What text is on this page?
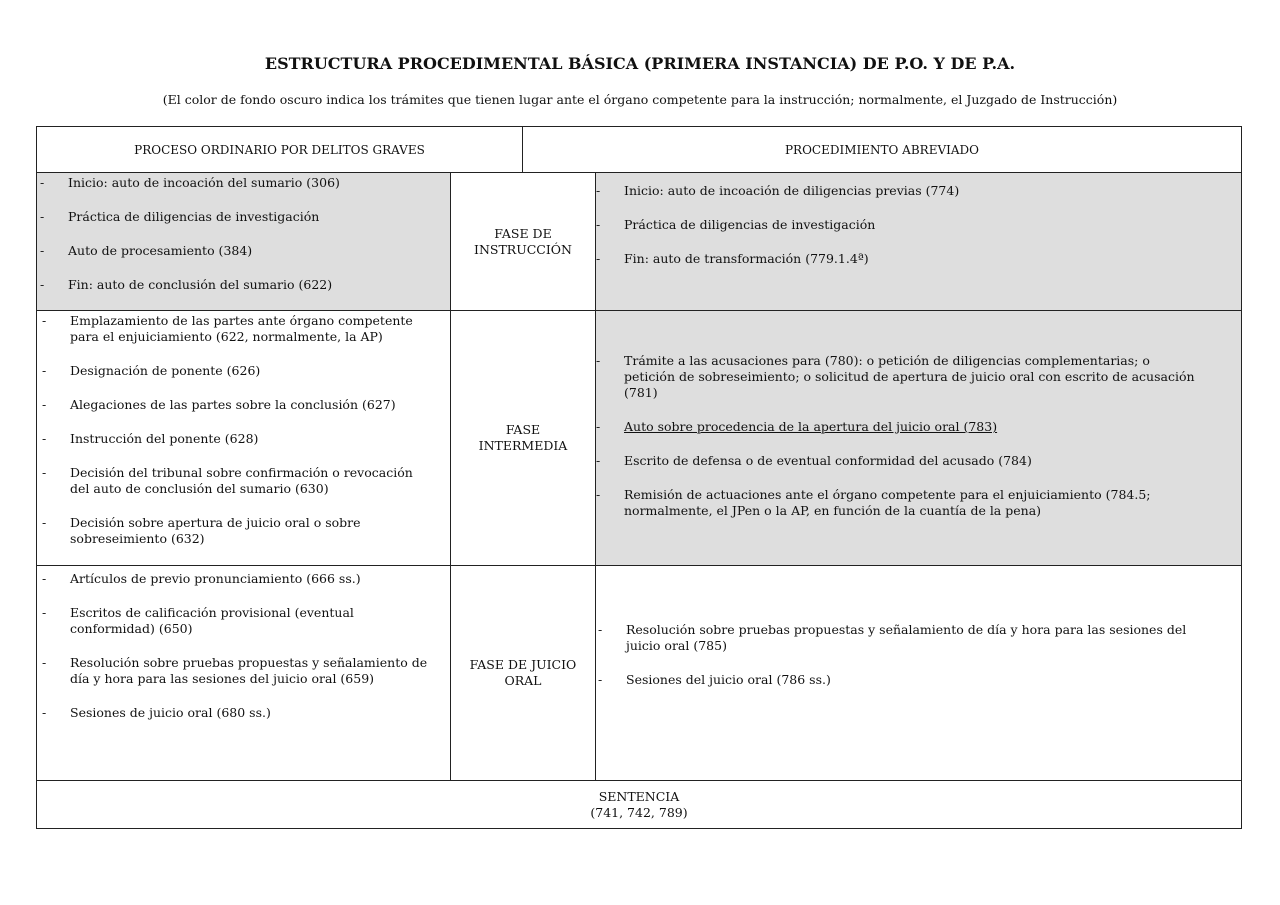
ESTRUCTURA PROCEDIMENTAL BÁSICA (PRIMERA INSTANCIA) DE P.O. Y DE P.A.
(El color de fondo oscuro indica los trámites que tienen lugar ante el órgano competente para la instrucción; normalmente, el Juzgado de Instrucción)
PROCESO ORDINARIO POR DELITOS GRAVES	PROCEDIMIENTO ABREVIADO
- Inicio: auto de incoación del sumario (306)
- Práctica de diligencias de investigación
- Auto de procesamiento (384)
- Fin: auto de conclusión del sumario (622)
FASE DE INSTRUCCIÓN
- Inicio: auto de incoación de diligencias previas (774)
- Práctica de diligencias de investigación
- Fin: auto de transformación (779.1.4ª)
- Emplazamiento de las partes ante órgano competente para el enjuiciamiento (622, normalmente, la AP)
- Designación de ponente (626)
- Alegaciones de las partes sobre la conclusión (627)
- Instrucción del ponente (628)
- Decisión del tribunal sobre confirmación o revocación del auto de conclusión del sumario (630)
- Decisión sobre apertura de juicio oral o sobre sobreseimiento (632)
FASE INTERMEDIA
- Trámite a las acusaciones para (780): o petición de diligencias complementarias; o petición de sobreseimiento; o solicitud de apertura de juicio oral con escrito de acusación (781)
- Auto sobre procedencia de la apertura del juicio oral (783)
- Escrito de defensa o de eventual conformidad del acusado (784)
- Remisión de actuaciones ante el órgano competente para el enjuiciamiento (784.5; normalmente, el JPen o la AP, en función de la cuantía de la pena)
- Artículos de previo pronunciamiento (666 ss.)
- Escritos de calificación provisional (eventual conformidad) (650)
- Resolución sobre pruebas propuestas y señalamiento de día y hora para las sesiones del juicio oral (659)
- Sesiones de juicio oral (680 ss.)
FASE DE JUICIO ORAL
- Resolución sobre pruebas propuestas y señalamiento de día y hora para las sesiones del juicio oral (785)
- Sesiones del juicio oral (786 ss.)
SENTENCIA
(741, 742, 789)
